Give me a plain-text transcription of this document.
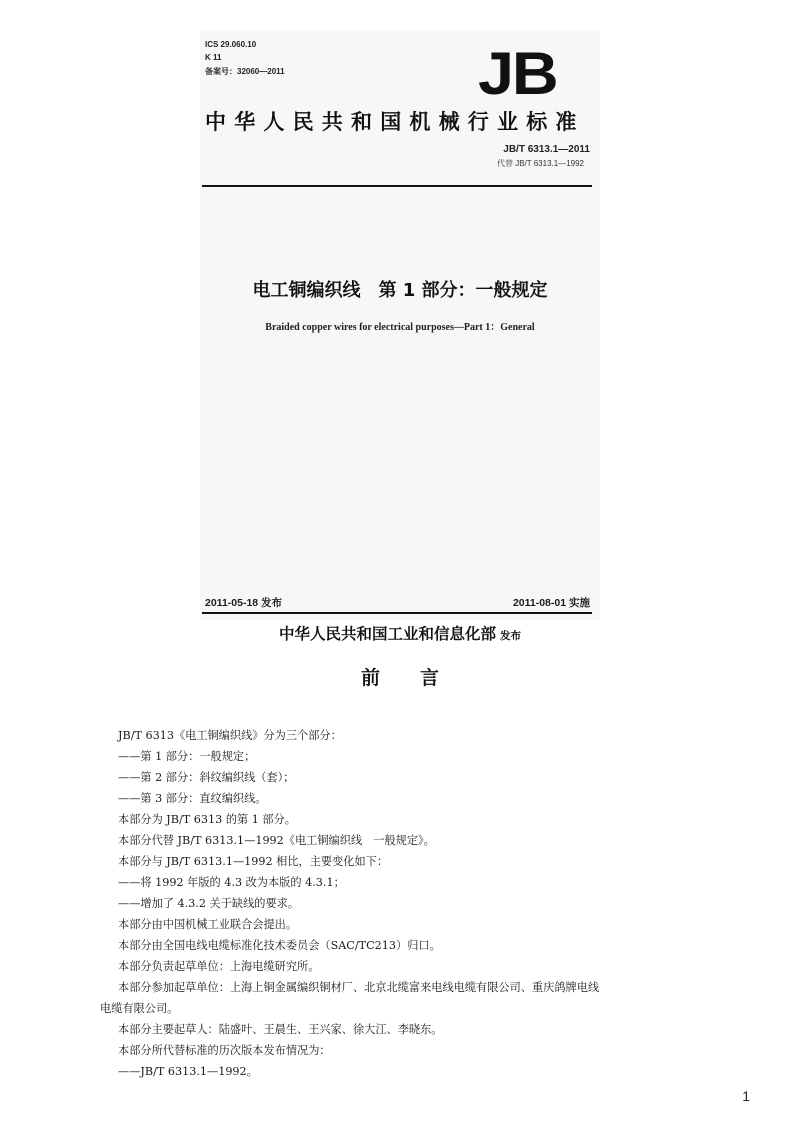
ICS 29.060.10
K 11
备案号：32060—2011	JB
中华人民共和国机械行业标准
JB/T 6313.1—2011
代替 JB/T 6313.1—1992
电工铜编织线　第 1 部分：一般规定
Braided copper wires for electrical purposes—Part 1：General
2011-05-18 发布	2011-08-01 实施
中华人民共和国工业和信息化部 发布
前言
JB/T 6313《电工铜编织线》分为三个部分：
——第 1 部分：一般规定；
——第 2 部分：斜纹编织线（套）；
——第 3 部分：直纹编织线。
本部分为 JB/T 6313 的第 1 部分。
本部分代替 JB/T 6313.1—1992《电工铜编织线　一般规定》。
本部分与 JB/T 6313.1—1992 相比，主要变化如下：
——将 1992 年版的 4.3 改为本版的 4.3.1；
——增加了 4.3.2 关于缺线的要求。
本部分由中国机械工业联合会提出。
本部分由全国电线电缆标准化技术委员会（SAC/TC213）归口。
本部分负责起草单位：上海电缆研究所。
本部分参加起草单位：上海上铜金属编织铜材厂、北京北缆富来电线电缆有限公司、重庆鸽牌电线
电缆有限公司。
本部分主要起草人：陆盛叶、王晨生、王兴家、徐大江、李晓东。
本部分所代替标准的历次版本发布情况为：
——JB/T 6313.1—1992。
1
